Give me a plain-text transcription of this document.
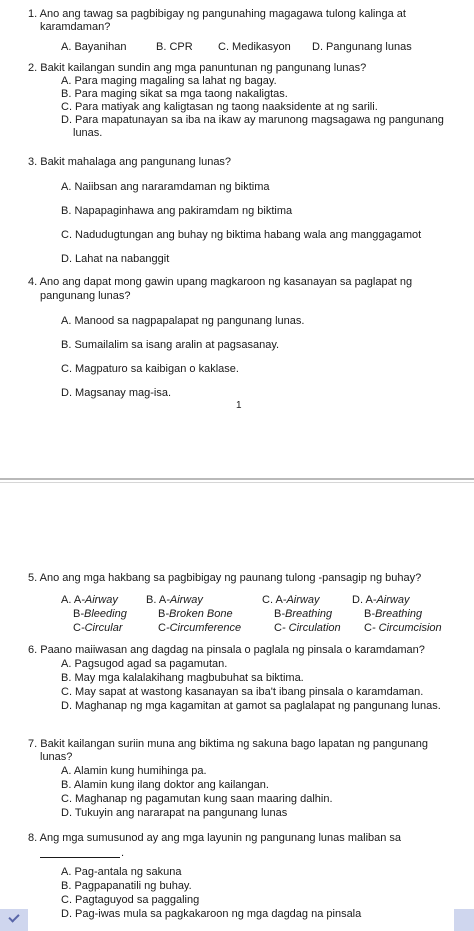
1. Ano ang tawag sa pagbibigay ng pangunahing magagawa tulong kalinga at
karamdaman?
A. Bayanihan	B. CPR C. Medikasyon D. Pangunang lunas
2. Bakit kailangan sundin ang mga panuntunan ng pangunang lunas?
A. Para maging magaling sa lahat ng bagay.
B. Para maging sikat sa mga taong nakaligtas.
C. Para matiyak ang kaligtasan ng taong naaksidente at ng sarili.
D. Para mapatunayan sa iba na ikaw ay marunong magsagawa ng pangunang
lunas.
3. Bakit mahalaga ang pangunang lunas?
A. Naiibsan ang nararamdaman ng biktima
B. Napapaginhawa ang pakiramdam ng biktima
C. Nadudugtungan ang buhay ng biktima habang wala ang manggagamot
D. Lahat na nabanggit
4. Ano ang dapat mong gawin upang magkaroon ng kasanayan sa paglapat ng
pangunang lunas?
A. Manood sa nagpapalapat ng pangunang lunas.
B. Sumailalim sa isang aralin at pagsasanay.
C. Magpaturo sa kaibigan o kaklase.
D. Magsanay mag-isa.
1
5. Ano ang mga hakbang sa pagbibigay ng paunang tulong -pansagip ng buhay?
A. A-Airway
B-Bleeding
C-Circular
B. A-Airway
B-Broken Bone
C-Circumference
C. A-Airway
B-Breathing
C- Circulation
D. A-Airway
B-Breathing
C- Circumcision
6. Paano maiiwasan ang dagdag na pinsala o paglala ng pinsala o karamdaman?
A. Pagsugod agad sa pagamutan.
B. May mga kalalakihang magbubuhat sa biktima.
C. May sapat at wastong kasanayan sa iba't ibang pinsala o karamdaman.
D. Maghanap ng mga kagamitan at gamot sa paglalapat ng pangunang lunas.
7. Bakit kailangan suriin muna ang biktima ng sakuna bago lapatan ng pangunang
lunas?
A. Alamin kung humihinga pa.
B. Alamin kung ilang doktor ang kailangan.
C. Maghanap ng pagamutan kung saan maaring dalhin.
D. Tukuyin ang nararapat na pangunang lunas
8. Ang mga sumusunod ay ang mga layunin ng pangunang lunas maliban sa
.
A. Pag-antala ng sakuna
B. Pagpapanatili ng buhay.
C. Pagtaguyod sa paggaling
D. Pag-iwas mula sa pagkakaroon ng mga dagdag na pinsala
